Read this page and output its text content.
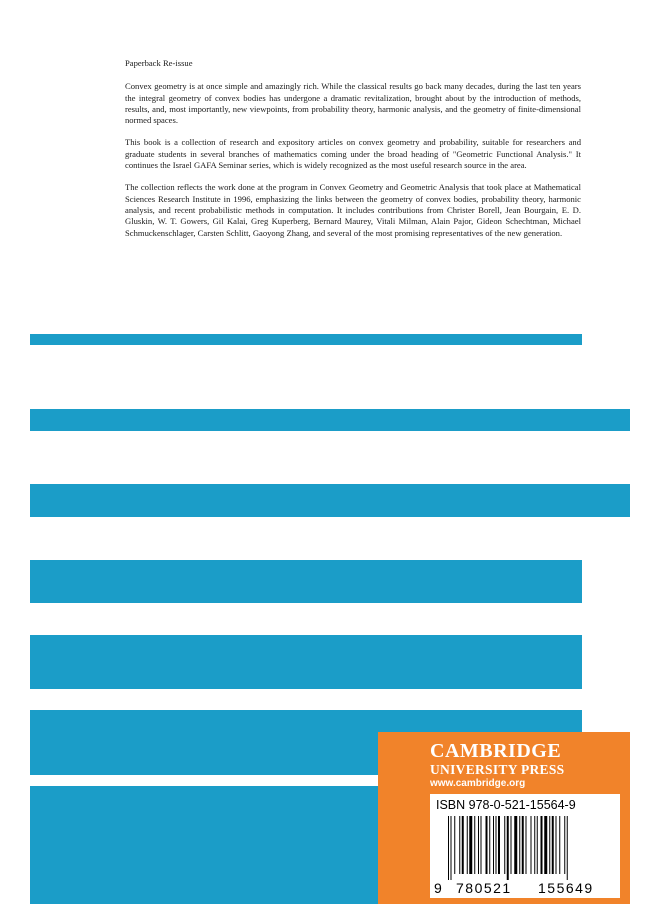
Paperback Re-issue

Convex geometry is at once simple and amazingly rich. While the classical results go back many decades, during the last ten years the integral geometry of convex bodies has undergone a dramatic revitalization, brought about by the introduction of methods, results, and, most importantly, new viewpoints, from probability theory, harmonic analysis, and the geometry of finite-dimensional normed spaces.

This book is a collection of research and expository articles on convex geometry and probability, suitable for researchers and graduate students in several branches of mathematics coming under the broad heading of "Geometric Functional Analysis." It continues the Israel GAFA Seminar series, which is widely recognized as the most useful research source in the area.

The collection reflects the work done at the program in Convex Geometry and Geometric Analysis that took place at Mathematical Sciences Research Institute in 1996, emphasizing the links between the geometry of convex bodies, probability theory, harmonic analysis, and recent probabilistic methods in computation. It includes contributions from Christer Borell, Jean Bourgain, E. D. Gluskin, W. T. Gowers, Gil Kalai, Greg Kuperberg, Bernard Maurey, Vitali Milman, Alain Pajor, Gideon Schechtman, Michael Schmuckenschlager, Carsten Schlitt, Gaoyong Zhang, and several of the most promising representatives of the new generation.

CAMBRIDGE
UNIVERSITY PRESS
www.cambridge.org
ISBN 978-0-521-15564-9
9 780521 155649
